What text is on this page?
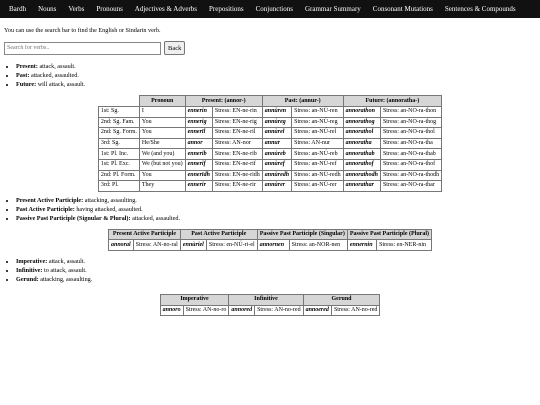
Bardh	Nouns	Verbs	Pronouns	Adjectives & Adverbs	Prepositions	Conjunctions	Grammar Summary	Consonant Mutations	Sentences & Compounds
You can use the search bar to find the English or Sindarin verb.
Search for verbs..
Back
• Present: attack, assault.
• Past: attacked, assaulted.
• Future: will attack, assault.
	Pronoun	Present: (annor-)		Past: (annur-)		Future: (annoratha-)	
1st: Sg.	I	ennerin	Stress: EN-ne-rin	annùren	Stress: an-NÚ-ren	annorathon	Stress: an-NO-ra-thon
2nd: Sg. Fam.	You	ennerig	Stress: EN-ne-rig	annùreg	Stress: an-NÚ-reg	annorathog	Stress: an-NO-ra-thog
2nd: Sg. Form.	You	ennerïl	Stress: EN-ne-ril	annùrel	Stress: an-NÚ-rel	annorathol	Stress: an-NO-ra-thol
3rd: Sg.	He/She	annor	Stress: AN-nor	annur	Stress: AN-nur	annoratha	Stress: an-NO-ra-tha
1st: Pl. Inc.	We (and you)	ennerib	Stress: EN-ne-rib	annùreb	Stress: an-NÚ-reb	annorathab	Stress: an-NO-ra-thab
1st: Pl. Exc.	We (but not you)	ennerif	Stress: EN-ne-rif	annùref	Stress: an-NÚ-ref	annorathof	Stress: an-NO-ra-thof
2nd: Pl. Form.	You	ennerïdh	Stress: EN-ne-ridh	annùredh	Stress: an-NÚ-redh	annorathodh	Stress: an-NO-ra-thodh
3rd: Pl.	They	ennerir	Stress: EN-ne-rir	annùrer	Stress: an-NÚ-rer	annorathar	Stress: an-NO-ra-thar
• Present Active Participle: attacking, assaulting.
• Past Active Participle: having attacked, assaulted.
• Passive Past Participle (Signular & Plural): attacked, assaulted.
Present Active Participle		Past Active Participle		Passive Past Participle (Singular)		Passive Past Participle (Plural)	
annoral	Stress: AN-no-ral	ennùriel	Stress: en-NÚ-ri-el	annornen	Stress: an-NOR-nen	ennernin	Stress: en-NER-nin
• Imperative: attack, assault.
• Infinitive: to attack, assault.
• Gerund: attacking, assaulting.
Imperative		Infinitive		Gerund	
annoro	Stress: AN-no-ro	annored	Stress: AN-no-red	annoered	Stress: AN-no-red
